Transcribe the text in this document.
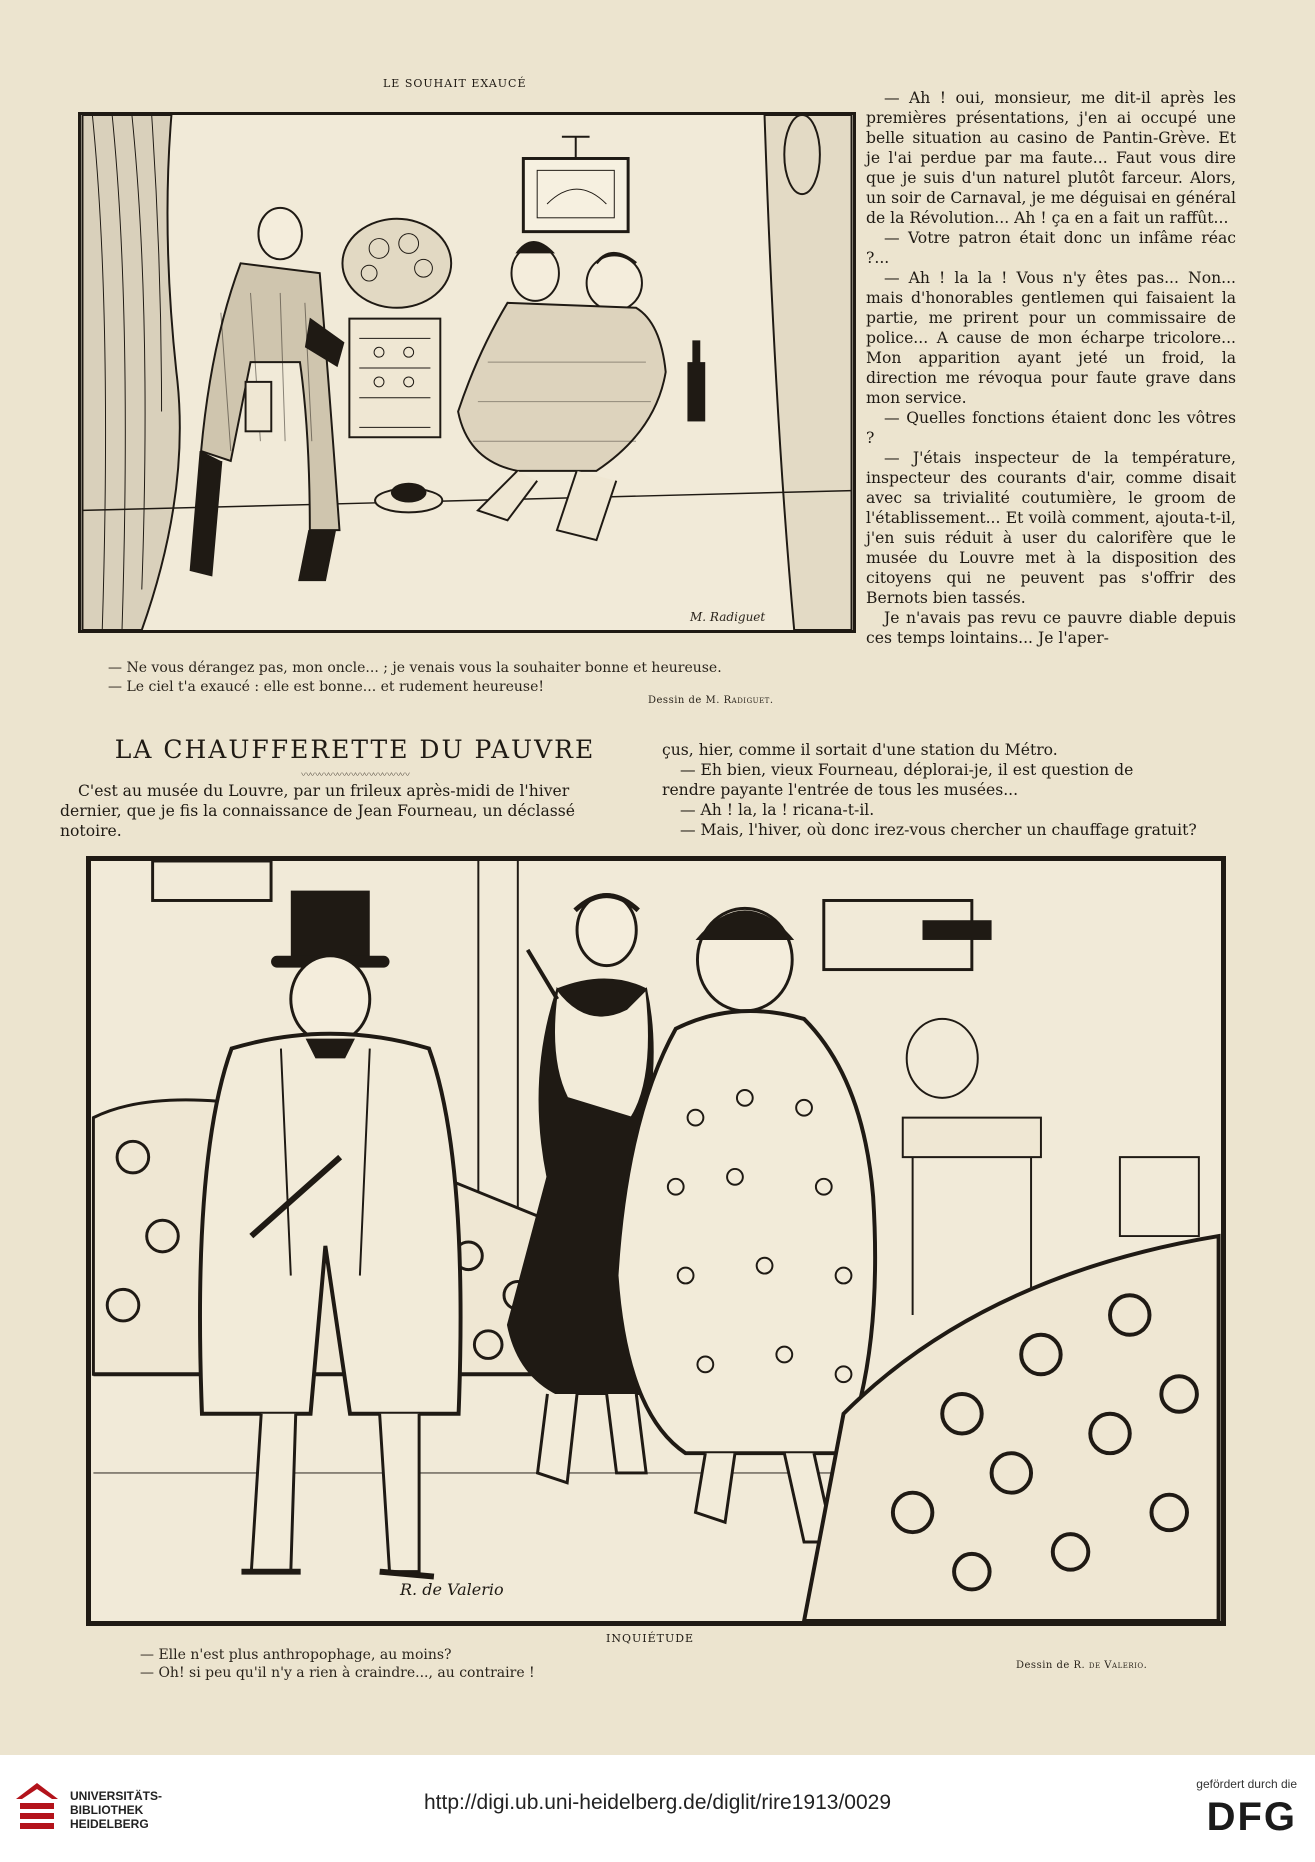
LE SOUHAIT EXAUCÉ
M. Radiguet
— Ne vous dérangez pas, mon oncle... ; je venais vous la souhaiter bonne et heureuse.
— Le ciel t'a exaucé : elle est bonne... et rudement heureuse!
Dessin de M. Radiguet.

— Ah ! oui, monsieur, me dit-il après les premières présentations, j'en ai occupé une belle situation au casino de Pantin-Grève. Et je l'ai perdue par ma faute... Faut vous dire que je suis d'un naturel plutôt farceur. Alors, un soir de Carnaval, je me déguisai en général de la Révolution... Ah ! ça en a fait un raffût...

— Votre patron était donc un infâme réac ?...

— Ah ! la la ! Vous n'y êtes pas... Non... mais d'honorables gentlemen qui faisaient la partie, me prirent pour un commissaire de police... A cause de mon écharpe tricolore... Mon apparition ayant jeté un froid, la direction me révoqua pour faute grave dans mon service.

— Quelles fonctions étaient donc les vôtres ?

— J'étais inspecteur de la température, inspecteur des courants d'air, comme disait avec sa trivialité coutumière, le groom de l'établissement... Et voilà comment, ajouta-t-il, j'en suis réduit à user du calorifère que le musée du Louvre met à la disposition des citoyens qui ne peuvent pas s'offrir des Bernots bien tassés.

Je n'avais pas revu ce pauvre diable depuis ces temps lointains... Je l'aper-

LA CHAUFFERETTE DU PAUVRE
〰〰〰〰〰〰〰〰〰〰〰〰
C'est au musée du Louvre, par un frileux après-midi de l'hiver
dernier, que je fis la connaissance de Jean Fourneau, un déclassé
notoire.
çus, hier, comme il sortait d'une station du Métro.
— Eh bien, vieux Fourneau, déplorai-je, il est question de
rendre payante l'entrée de tous les musées...
— Ah ! la, la ! ricana-t-il.
— Mais, l'hiver, où donc irez-vous chercher un chauffage gratuit?
R. de Valerio
INQUIÉTUDE
— Elle n'est plus anthropophage, au moins?
— Oh! si peu qu'il n'y a rien à craindre..., au contraire !	Dessin de R. de Valerio.
UNIVERSITÄTS-
BIBLIOTHEK
HEIDELBERG
http://digi.ub.uni-heidelberg.de/diglit/rire1913/0029
gefördert durch die
DFG
